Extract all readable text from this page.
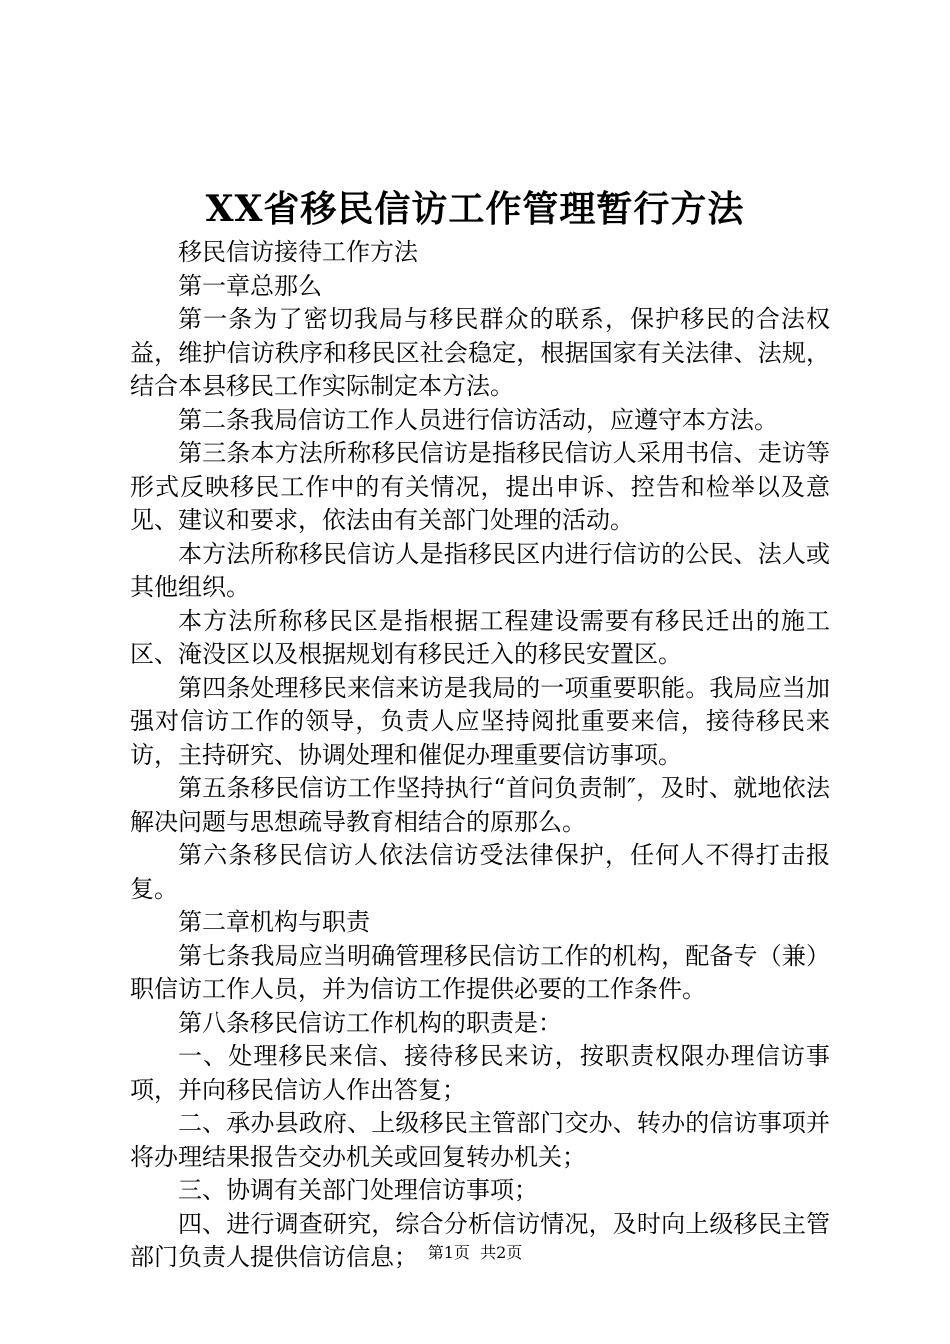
XX省移民信访工作管理暂行方法

移民信访接待工作方法

第一章总那么

第一条为了密切我局与移民群众的联系，保护移民的合法权益，维护信访秩序和移民区社会稳定，根据国家有关法律、法规，结合本县移民工作实际制定本方法。

第二条我局信访工作人员进行信访活动，应遵守本方法。

第三条本方法所称移民信访是指移民信访人采用书信、走访等形式反映移民工作中的有关情况，提出申诉、控告和检举以及意见、建议和要求，依法由有关部门处理的活动。

本方法所称移民信访人是指移民区内进行信访的公民、法人或其他组织。

本方法所称移民区是指根据工程建设需要有移民迁出的施工区、淹没区以及根据规划有移民迁入的移民安置区。

第四条处理移民来信来访是我局的一项重要职能。我局应当加强对信访工作的领导，负责人应坚持阅批重要来信，接待移民来访，主持研究、协调处理和催促办理重要信访事项。

第五条移民信访工作坚持执行“首问负责制″，及时、就地依法解决问题与思想疏导教育相结合的原那么。

第六条移民信访人依法信访受法律保护，任何人不得打击报复。

第二章机构与职责

第七条我局应当明确管理移民信访工作的机构，配备专（兼）职信访工作人员，并为信访工作提供必要的工作条件。

第八条移民信访工作机构的职责是：

一、处理移民来信、接待移民来访，按职责权限办理信访事项，并向移民信访人作出答复；

二、承办县政府、上级移民主管部门交办、转办的信访事项并将办理结果报告交办机关或回复转办机关；

三、协调有关部门处理信访事项；

四、进行调查研究，综合分析信访情况，及时向上级移民主管部门负责人提供信访信息； 第1页  共2页
